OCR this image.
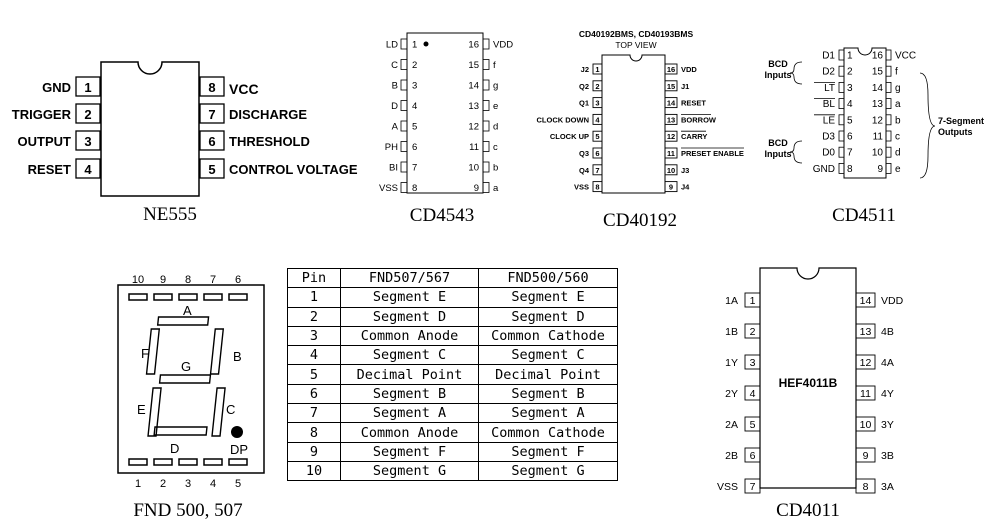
1
2
3
4
GND
TRIGGER
OUTPUT
RESET
8
7
6
5
VCC
DISCHARGE
THRESHOLD
CONTROL VOLTAGE
NE555
1
LD	16 VDD
2
C	15 f
3
B	14 g
4
D	13 e
5
A	12 d
6
PH	11 c
7
BI	10 b
8
VSS	9 a
CD4543
CD40192BMS, CD40193BMS
TOP VIEW
1
J2	16 VDD
2
Q2	15 J1
3
Q1	14 RESET
4
CLOCK DOWN	13 BORROW
5
CLOCK UP	12 CARRY
6
Q3	11 PRESET ENABLE
7
Q4	10 J3
8
VSS	9 J4
CD40192
1
D1	16 VCC
2
D2	15 f
3
LT	14 g
4
BL	13 a
5
LE	12 b
6
D3	11 c
7
D0	10 d
8
GND	9 e
BCD
Inputs
BCD
Inputs
7-Segment
Outputs
CD4511
10 9 8 7 6
A
F	B
G
E	C
D	DP
1 2 3 4 5
FND 500, 507
Pin	FND507/567	FND500/560
1	Segment E	Segment E
2	Segment D	Segment D
3	Common Anode	Common Cathode
4	Segment C	Segment C
5	Decimal Point	Decimal Point
6	Segment B	Segment B
7	Segment A	Segment A
8	Common Anode	Common Cathode
9	Segment F	Segment F
10	Segment G	Segment G
HEF4011B
1
1A	14 VDD
2
1B	13 4B
3
1Y	12 4A
4
2Y	11 4Y
5
2A	10 3Y
6
2B	9 3B
7
VSS	8 3A
CD4011
